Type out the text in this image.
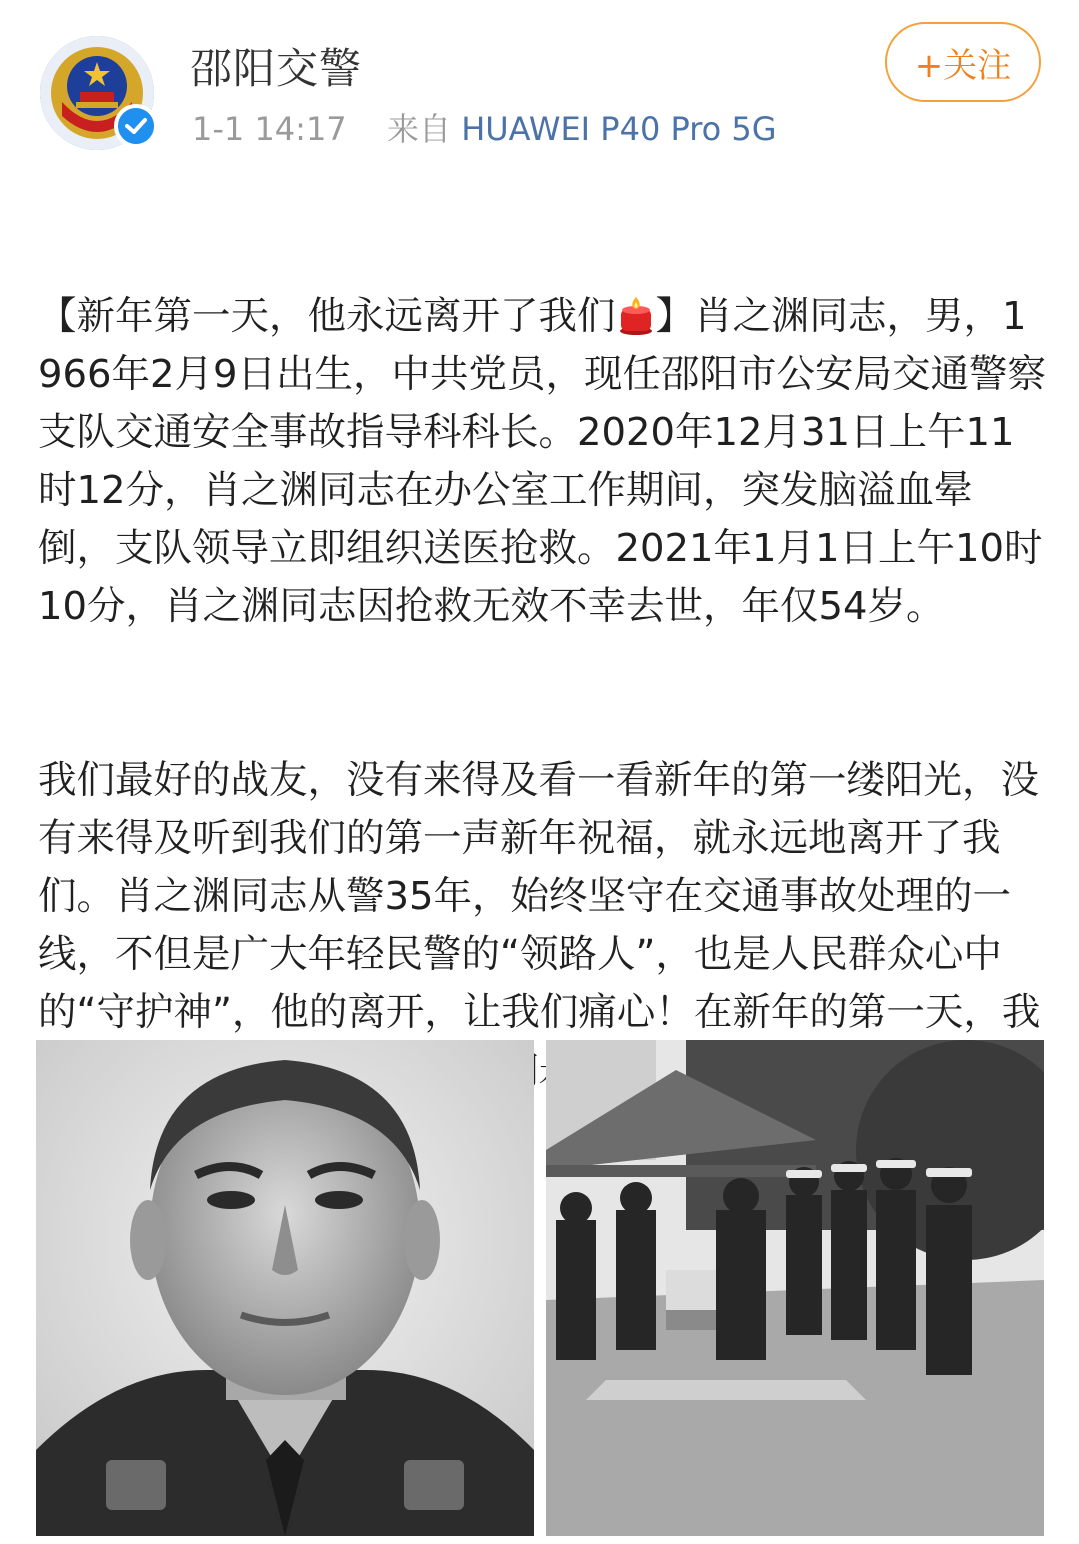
邵阳交警
1-1 14:17 来自 HUAWEI P40 Pro 5G
+关注

【新年第一天，他永远离开了我们 】肖之渊同志，男，1966年2月9日出生，中共党员，现任邵阳市公安局交通警察支队交通安全事故指导科科长。2020年12月31日上午11时12分，肖之渊同志在办公室工作期间，突发脑溢血晕倒，支队领导立即组织送医抢救。2021年1月1日上午10时10分，肖之渊同志因抢救无效不幸去世，年仅54岁。

我们最好的战友，没有来得及看一看新年的第一缕阳光，没有来得及听到我们的第一声新年祝福，就永远地离开了我们。肖之渊同志从警35年，始终坚守在交通事故处理的一线，不但是广大年轻民警的“领路人”，也是人民群众心中的“守护神”，他的离开，让我们痛心！在新年的第一天，我
